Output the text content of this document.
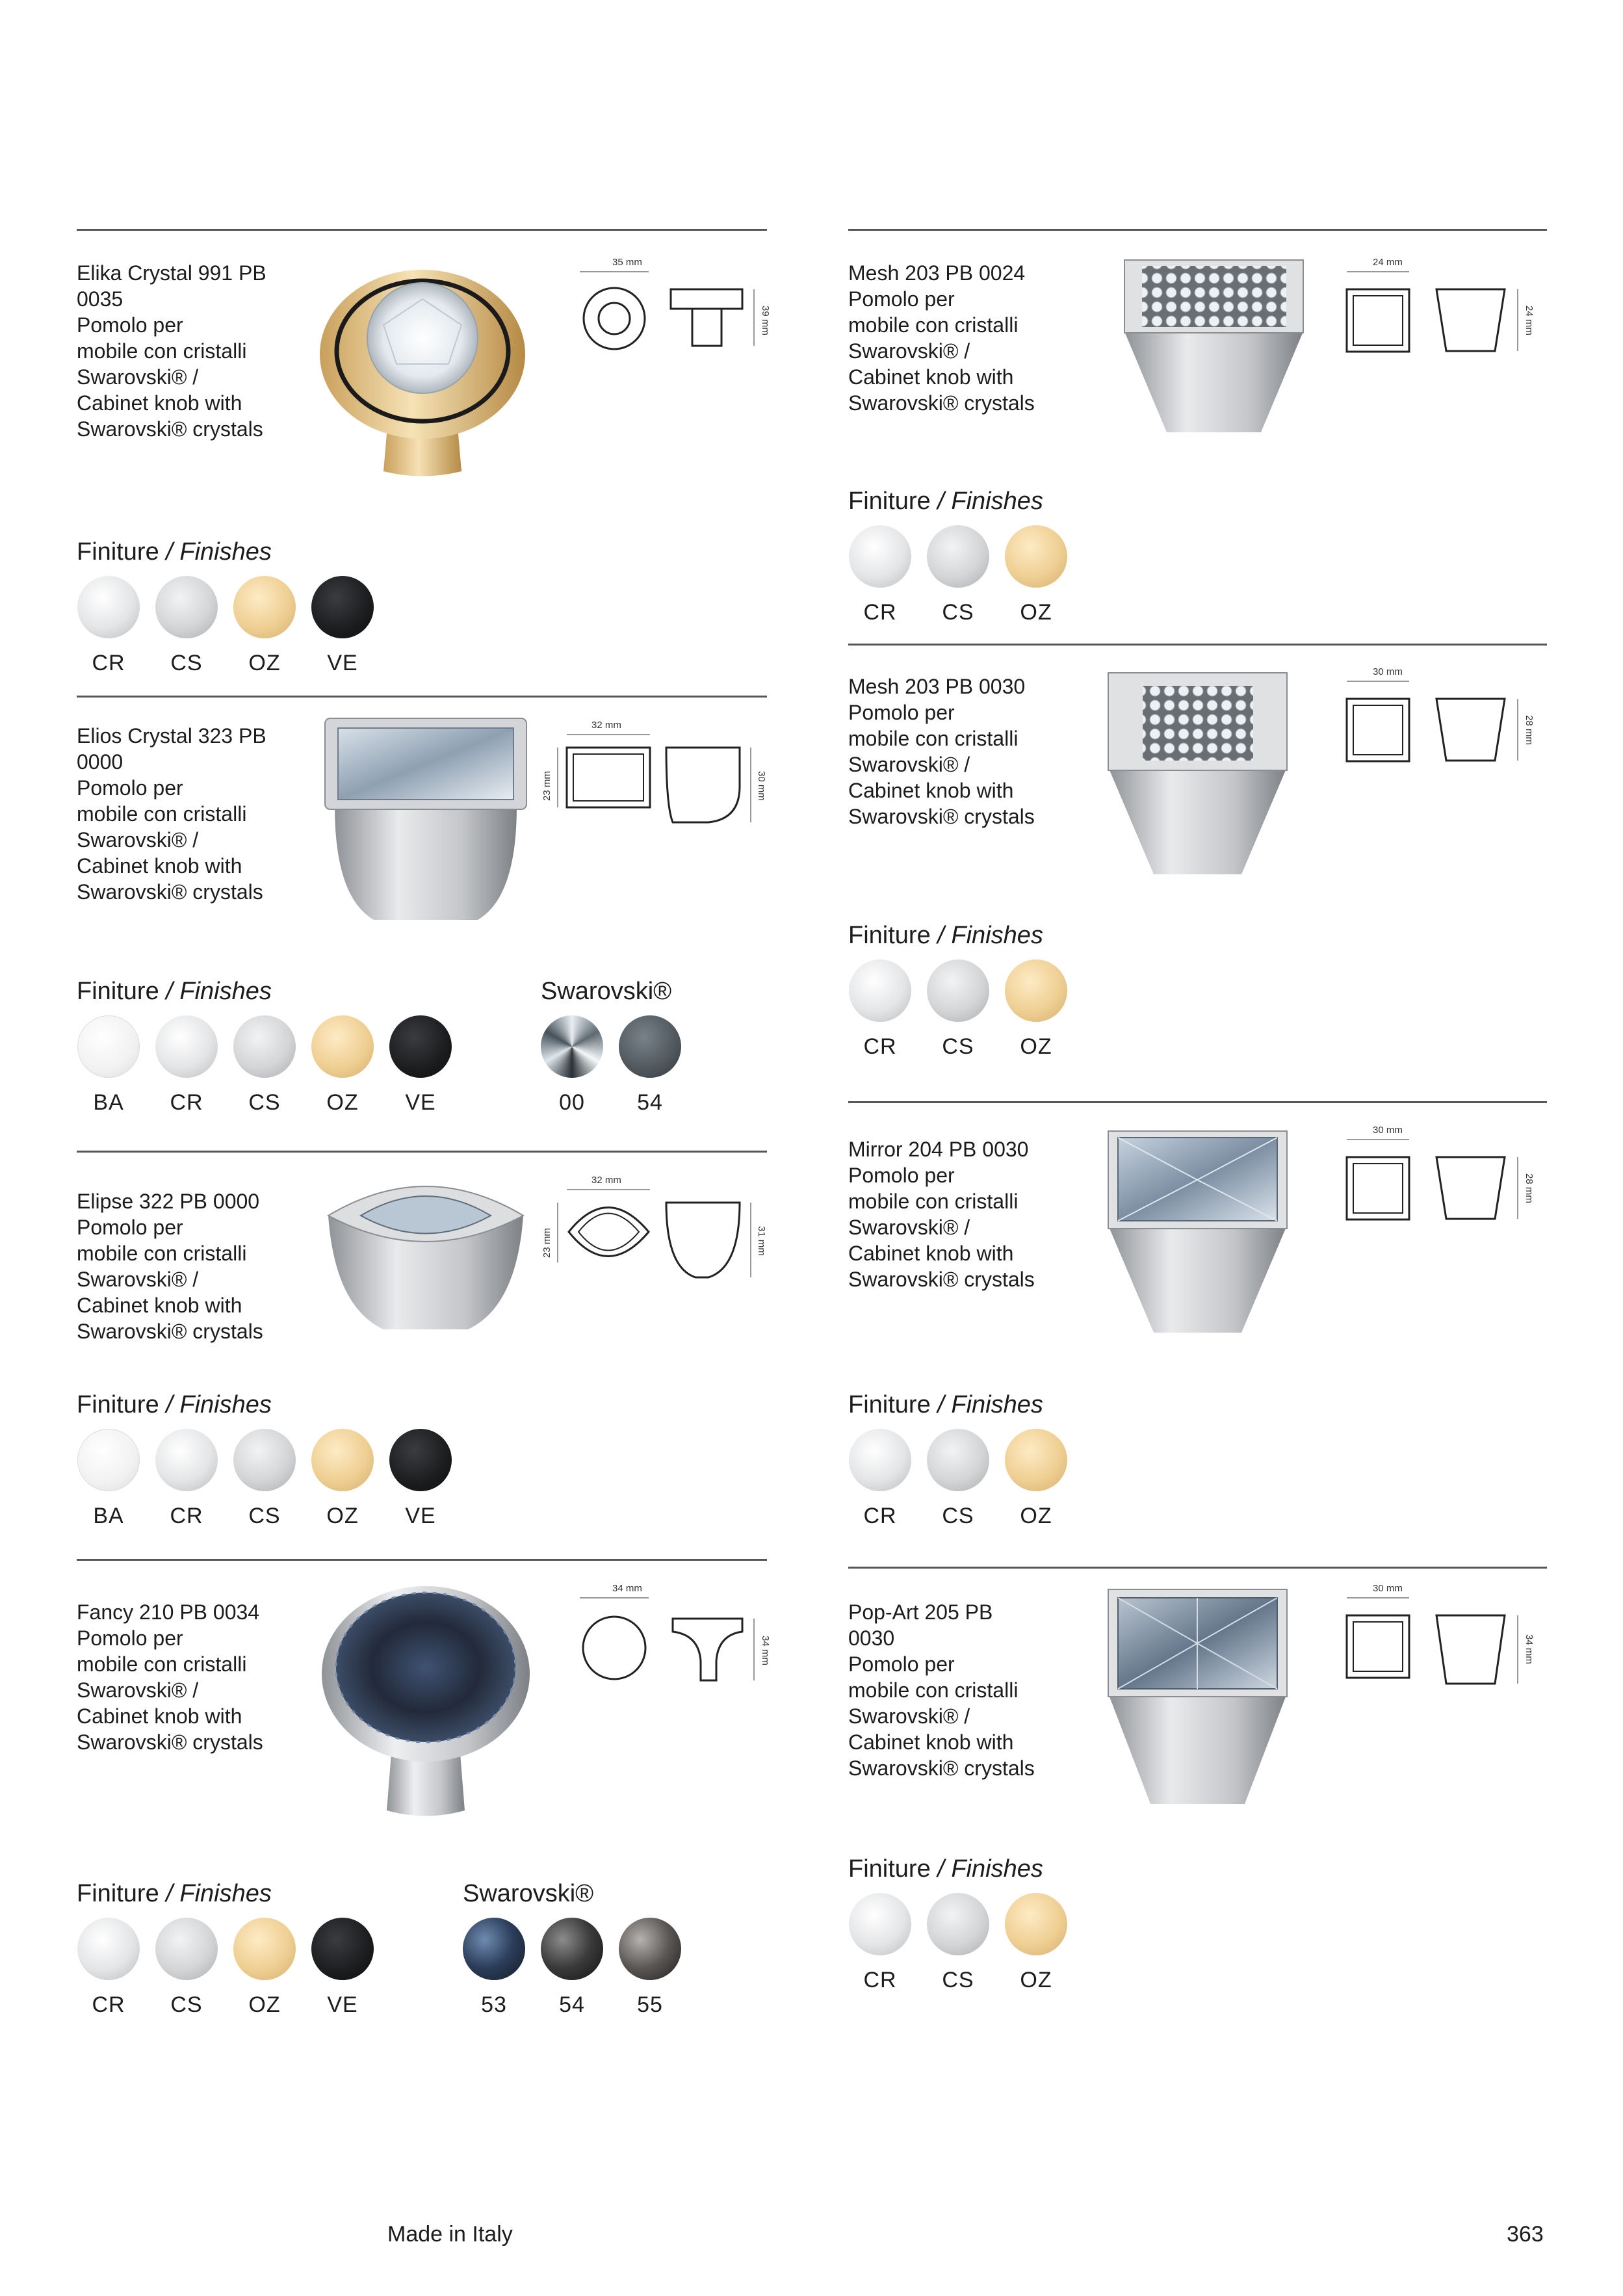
Elika Crystal 991 PB
0035
Pomolo per
mobile con cristalli
Swarovski® /
Cabinet knob with
Swarovski® crystals
35 mm
39 mm
Finiture / Finishes
CR CS OZ VE
Elios Crystal 323 PB
0000
Pomolo per
mobile con cristalli
Swarovski® /
Cabinet knob with
Swarovski® crystals
32 mm
23 mm	30 mm
Finiture / Finishes
BA CR CS OZ VE
Swarovski®
00 54
Elipse 322 PB 0000
Pomolo per
mobile con cristalli
Swarovski® /
Cabinet knob with
Swarovski® crystals
32 mm
23 mm	31 mm
Finiture / Finishes
BA CR CS OZ VE
Fancy 210 PB 0034
Pomolo per
mobile con cristalli
Swarovski® /
Cabinet knob with
Swarovski® crystals
34 mm
34 mm
Finiture / Finishes
CR CS OZ VE
Swarovski®
53 54 55
Mesh 203 PB 0024
Pomolo per
mobile con cristalli
Swarovski® /
Cabinet knob with
Swarovski® crystals
24 mm
24 mm
Finiture / Finishes
CR CS OZ
Mesh 203 PB 0030
Pomolo per
mobile con cristalli
Swarovski® /
Cabinet knob with
Swarovski® crystals
30 mm
28 mm
Finiture / Finishes
CR CS OZ
Mirror 204 PB 0030
Pomolo per
mobile con cristalli
Swarovski® /
Cabinet knob with
Swarovski® crystals
30 mm
28 mm
Finiture / Finishes
CR CS OZ
Pop-Art 205 PB
0030
Pomolo per
mobile con cristalli
Swarovski® /
Cabinet knob with
Swarovski® crystals
30 mm
34 mm
Finiture / Finishes
CR CS OZ
Made in Italy	363
